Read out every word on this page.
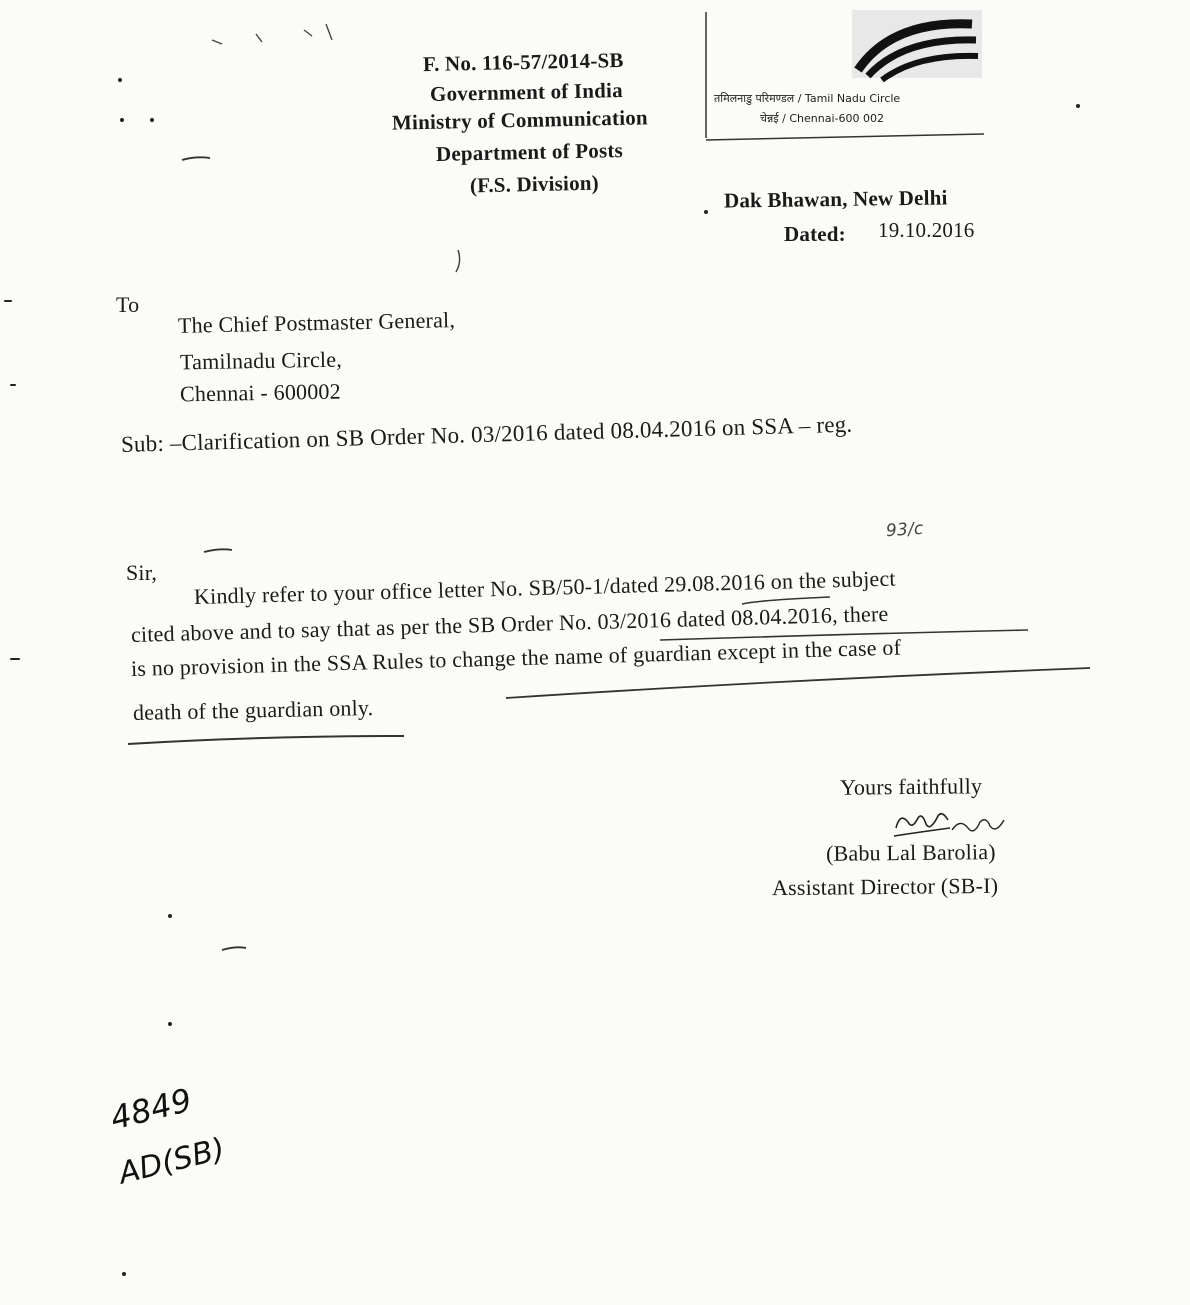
F. No. 116-57/2014-SB
Government of India
Ministry of Communication
Department of Posts
(F.S. Division)
तमिलनाडु परिमण्डल / Tamil Nadu Circle
चेन्नई / Chennai-600 002
Dak Bhawan, New Delhi
Dated: 19.10.2016
To
The Chief Postmaster General,
Tamilnadu Circle,
Chennai - 600002
Sub: –Clarification on SB Order No. 03/2016 dated 08.04.2016 on SSA – reg.
93/c
Sir, Kindly refer to your office letter No. SB/50-1/dated 29.08.2016 on the subject
cited above and to say that as per the SB Order No. 03/2016 dated 08.04.2016, there
is no provision in the SSA Rules to change the name of guardian except in the case of
death of the guardian only.
Yours faithfully
(Babu Lal Barolia)
Assistant Director (SB-I)
4849
AD(SB)
